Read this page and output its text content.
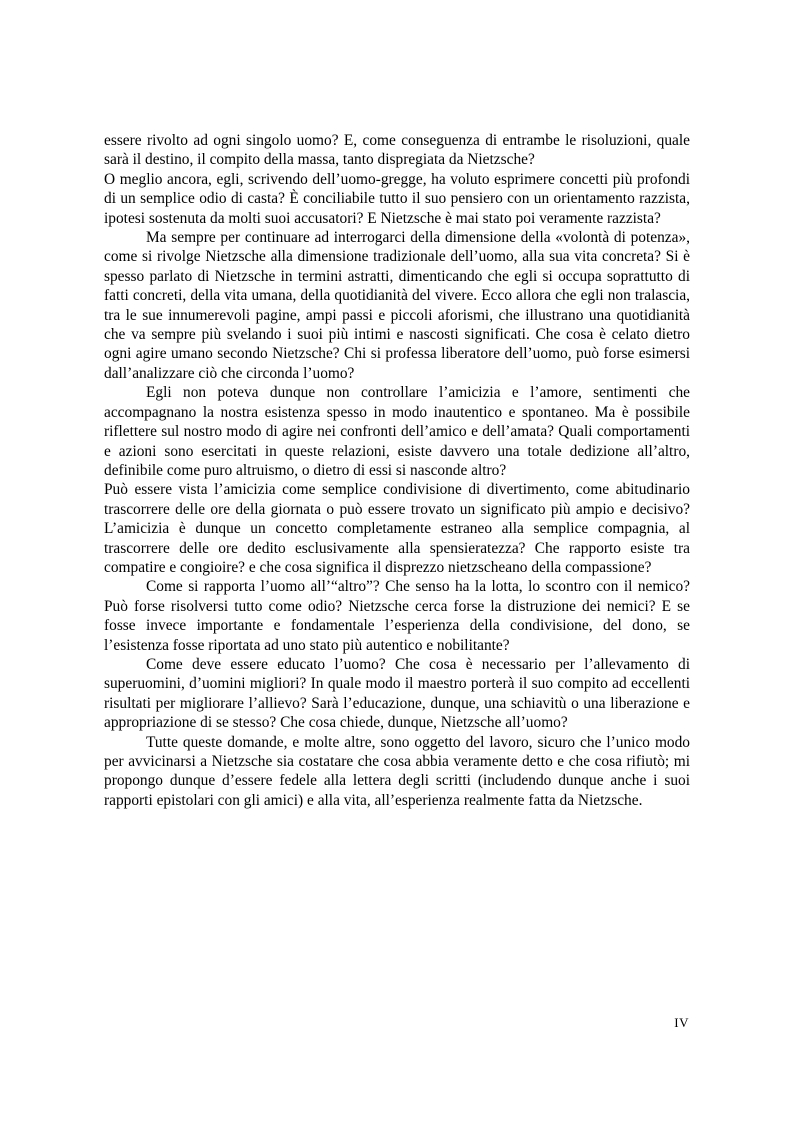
essere rivolto ad ogni singolo uomo? E, come conseguenza di entrambe le risoluzioni, quale sarà il destino, il compito della massa, tanto dispregiata da Nietzsche?

O meglio ancora, egli, scrivendo dell’uomo-gregge, ha voluto esprimere concetti più profondi di un semplice odio di casta? È conciliabile tutto il suo pensiero con un orientamento razzista, ipotesi sostenuta da molti suoi accusatori? E Nietzsche è mai stato poi veramente razzista?

Ma sempre per continuare ad interrogarci della dimensione della «volontà di potenza», come si rivolge Nietzsche alla dimensione tradizionale dell’uomo, alla sua vita concreta? Si è spesso parlato di Nietzsche in termini astratti, dimenticando che egli si occupa soprattutto di fatti concreti, della vita umana, della quotidianità del vivere. Ecco allora che egli non tralascia, tra le sue innumerevoli pagine, ampi passi e piccoli aforismi, che illustrano una quotidianità che va sempre più svelando i suoi più intimi e nascosti significati. Che cosa è celato dietro ogni agire umano secondo Nietzsche? Chi si professa liberatore dell’uomo, può forse esimersi dall’analizzare ciò che circonda l’uomo?

Egli non poteva dunque non controllare l’amicizia e l’amore, sentimenti che accompagnano la nostra esistenza spesso in modo inautentico e spontaneo. Ma è possibile riflettere sul nostro modo di agire nei confronti dell’amico e dell’amata? Quali comportamenti e azioni sono esercitati in queste relazioni, esiste davvero una totale dedizione all’altro, definibile come puro altruismo, o dietro di essi si nasconde altro?

Può essere vista l’amicizia come semplice condivisione di divertimento, come abitudinario trascorrere delle ore della giornata o può essere trovato un significato più ampio e decisivo? L’amicizia è dunque un concetto completamente estraneo alla semplice compagnia, al trascorrere delle ore dedito esclusivamente alla spensieratezza? Che rapporto esiste tra compatire e congioire? e che cosa significa il disprezzo nietzscheano della compassione?

Come si rapporta l’uomo all’“altro”? Che senso ha la lotta, lo scontro con il nemico? Può forse risolversi tutto come odio? Nietzsche cerca forse la distruzione dei nemici? E se fosse invece importante e fondamentale l’esperienza della condivisione, del dono, se l’esistenza fosse riportata ad uno stato più autentico e nobilitante?

Come deve essere educato l’uomo? Che cosa è necessario per l’allevamento di superuomini, d’uomini migliori? In quale modo il maestro porterà il suo compito ad eccellenti risultati per migliorare l’allievo? Sarà l’educazione, dunque, una schiavitù o una liberazione e appropriazione di se stesso? Che cosa chiede, dunque, Nietzsche all’uomo?

Tutte queste domande, e molte altre, sono oggetto del lavoro, sicuro che l’unico modo per avvicinarsi a Nietzsche sia costatare che cosa abbia veramente detto e che cosa rifiutò; mi propongo dunque d’essere fedele alla lettera degli scritti (includendo dunque anche i suoi rapporti epistolari con gli amici) e alla vita, all’esperienza realmente fatta da Nietzsche.

IV
